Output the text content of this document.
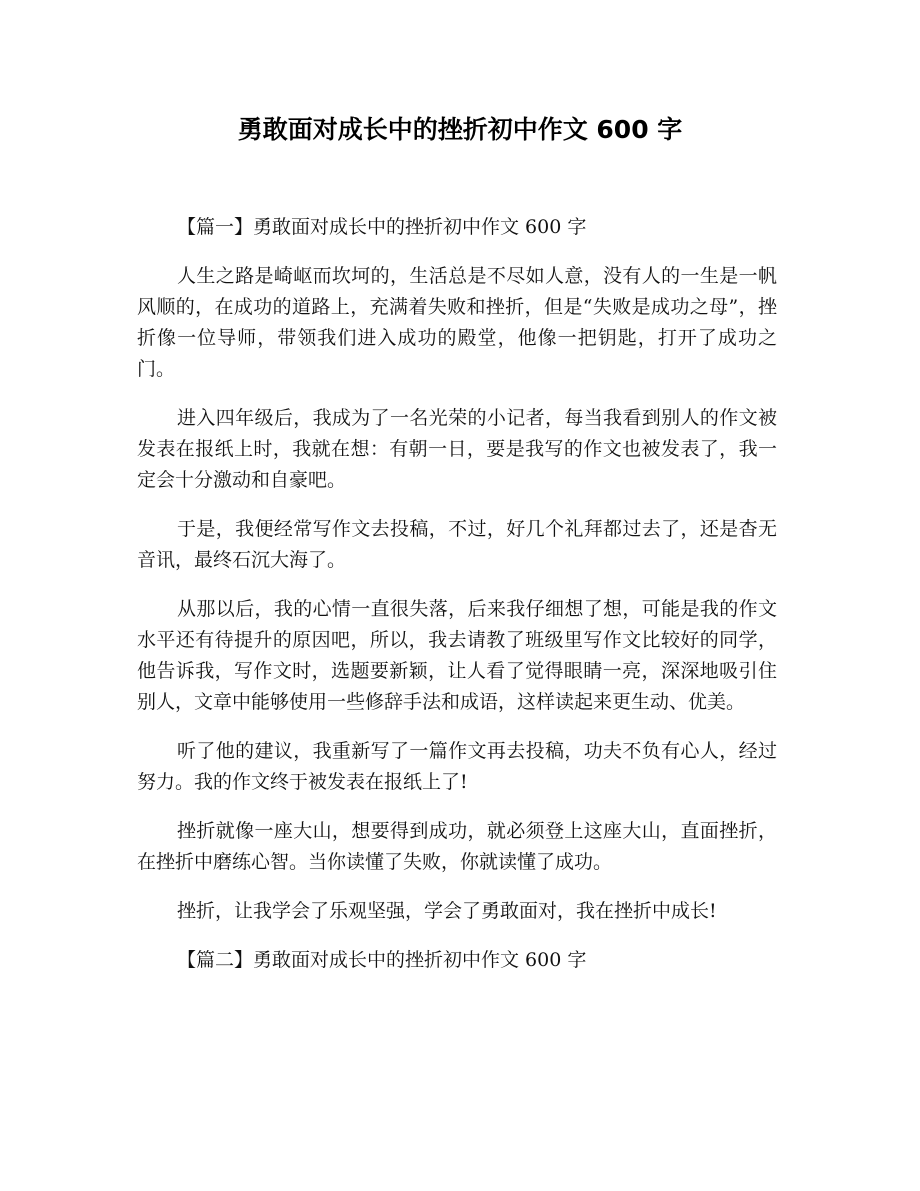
勇敢面对成长中的挫折初中作文 600 字

【篇一】勇敢面对成长中的挫折初中作文 600 字

人生之路是崎岖而坎坷的，生活总是不尽如人意，没有人的一生是一帆风顺的，在成功的道路上，充满着失败和挫折，但是“失败是成功之母”，挫折像一位导师，带领我们进入成功的殿堂，他像一把钥匙，打开了成功之门。

进入四年级后，我成为了一名光荣的小记者，每当我看到别人的作文被发表在报纸上时，我就在想：有朝一日，要是我写的作文也被发表了，我一定会十分激动和自豪吧。

于是，我便经常写作文去投稿，不过，好几个礼拜都过去了，还是杳无音讯，最终石沉大海了。

从那以后，我的心情一直很失落，后来我仔细想了想，可能是我的作文水平还有待提升的原因吧，所以，我去请教了班级里写作文比较好的同学，他告诉我，写作文时，选题要新颖，让人看了觉得眼睛一亮，深深地吸引住别人，文章中能够使用一些修辞手法和成语，这样读起来更生动、优美。

听了他的建议，我重新写了一篇作文再去投稿，功夫不负有心人，经过努力。我的作文终于被发表在报纸上了!

挫折就像一座大山，想要得到成功，就必须登上这座大山，直面挫折，在挫折中磨练心智。当你读懂了失败，你就读懂了成功。

挫折，让我学会了乐观坚强，学会了勇敢面对，我在挫折中成长!

【篇二】勇敢面对成长中的挫折初中作文 600 字
